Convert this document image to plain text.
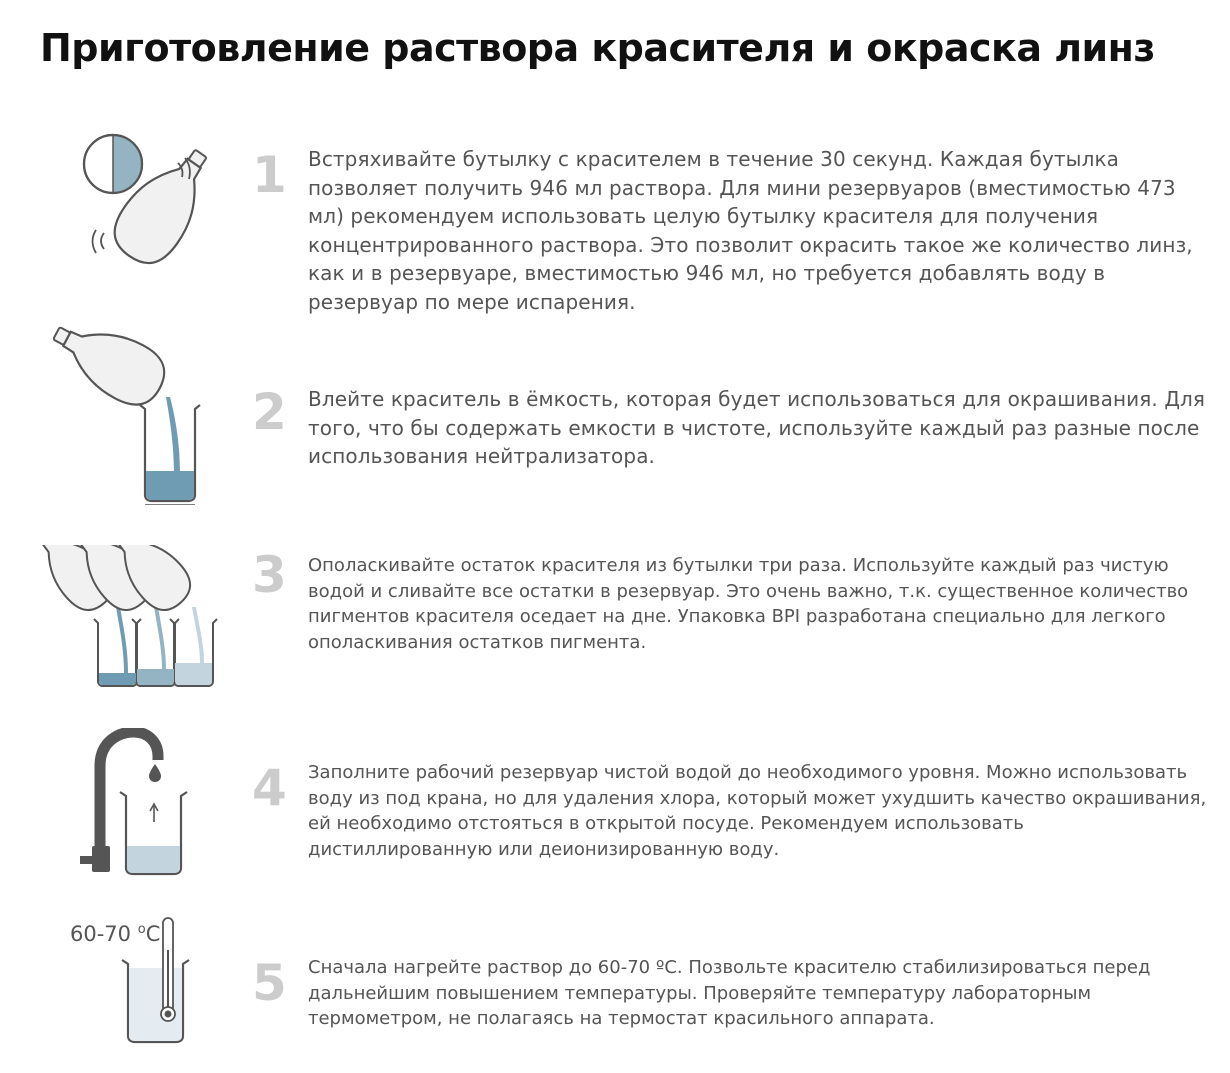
Приготовление раствора красителя и окраска линз
1 Встряхивайте бутылку с красителем в течение 30 секунд. Каждая бутылка позволяет получить 946 мл раствора. Для мини резервуаров (вместимостью 473 мл) рекомендуем использовать целую бутылку красителя для получения концентрированного раствора. Это позволит окрасить такое же количество линз, как и в резервуаре, вместимостью 946 мл, но требуется добавлять воду в резервуар по мере испарения.

2 Влейте краситель в ёмкость, которая будет использоваться для окрашивания. Для того, что бы содержать емкости в чистоте, используйте каждый раз разные после использования нейтрализатора.

3 Ополаскивайте остаток красителя из бутылки три раза. Используйте каждый раз чистую водой и сливайте все остатки в резервуар. Это очень важно, т.к. существенное количество пигментов красителя оседает на дне. Упаковка BPI разработана специально для легкого ополаскивания остатков пигмента.

4 Заполните рабочий резервуар чистой водой до необходимого уровня. Можно использовать воду из под крана, но для удаления хлора, который может ухудшить качество окрашивания, ей необходимо отстояться в открытой посуде. Рекомендуем использовать дистиллированную или деионизированную воду.

60-70 $^o$C
5 Сначала нагрейте раствор до 60-70 ºC. Позвольте красителю стабилизироваться перед дальнейшим повышением температуры. Проверяйте температуру лабораторным термометром, не полагаясь на термостат красильного аппарата.
